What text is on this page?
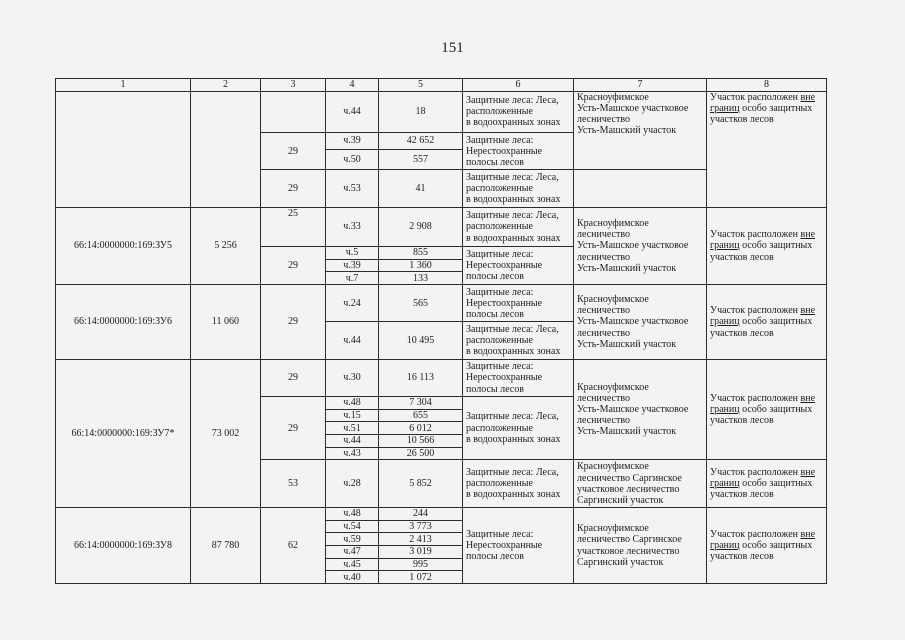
151
1	2	3	4	5	6	7	8
			ч.44	18	Защитные леса: Леса,
расположенные
в водоохранных зонах	Красноуфимское
Усть-Машское участковое
лесничество
Усть-Машский участок	Участок расположен вне границ особо защитных участков лесов
		29	ч.39	42 652	Защитные леса:
Нерестоохранные
полосы лесов		

			ч.50	557			
		29	ч.53	41	Защитные леса: Леса,
расположенные
в водоохранных зонах		

66:14:0000000:169:ЗУ5	5 256	25	ч.33	2 908	Защитные леса: Леса,
расположенные
в водоохранных зонах	Красноуфимское
лесничество
Усть-Машское участковое
лесничество
Усть-Машский участок	Участок расположен вне границ особо защитных участков лесов
		29	ч.5	855	Защитные леса:
Нерестоохранные
полосы лесов		

			ч.39	1 360			
			ч.7	133			
66:14:0000000:169:ЗУ6	11 060	29	ч.24	565	Защитные леса:
Нерестоохранные
полосы лесов	Красноуфимское
лесничество
Усть-Машское участковое
лесничество
Усть-Машский участок	Участок расположен вне границ особо защитных участков лесов
			ч.44	10 495	Защитные леса: Леса,
расположенные
в водоохранных зонах		

66:14:0000000:169:ЗУ7*	73 002	29	ч.30	16 113	Защитные леса:
Нерестоохранные
полосы лесов	Красноуфимское
лесничество
Усть-Машское участковое
лесничество
Усть-Машский участок	Участок расположен вне границ особо защитных участков лесов
		29	ч.48	7 304	Защитные леса: Леса,
расположенные
в водоохранных зонах		

			ч.15	655			
			ч.51	6 012			
			ч.44	10 566			
			ч.43	26 500			
		53	ч.28	5 852	Защитные леса: Леса,
расположенные
в водоохранных зонах	Красноуфимское
лесничество Саргинское
участковое лесничество
Саргинский участок	Участок расположен вне границ особо защитных участков лесов
66:14:0000000:169:ЗУ8	87 780	62	ч.48	244	Защитные леса:
Нерестоохранные
полосы лесов	Красноуфимское
лесничество Саргинское
участковое лесничество
Саргинский участок	Участок расположен вне границ особо защитных участков лесов
			ч.54	3 773			
			ч.59	2 413			
			ч.47	3 019			
			ч.45	995			
			ч.40	1 072			
